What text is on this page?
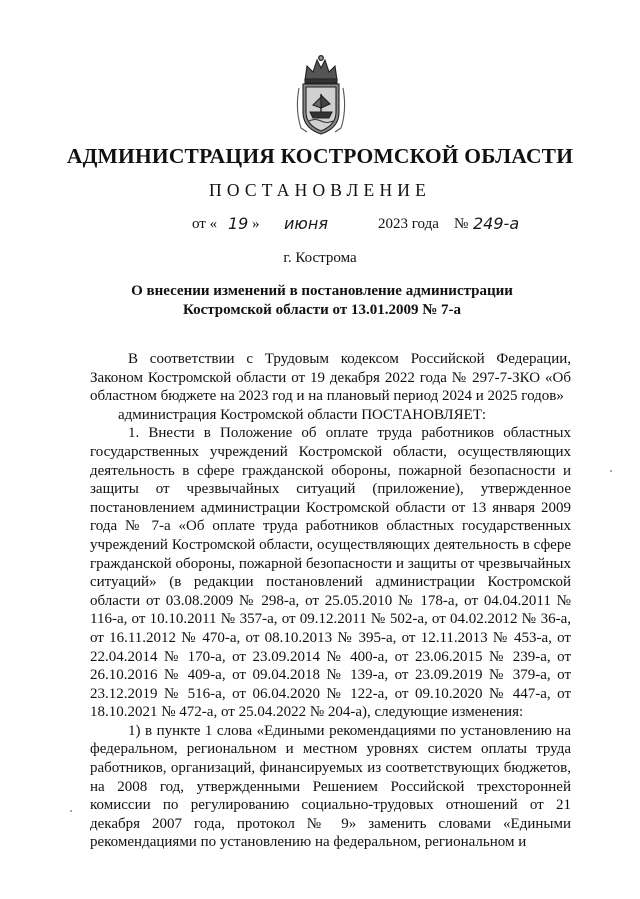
АДМИНИСТРАЦИЯ КОСТРОМСКОЙ ОБЛАСТИ
ПОСТАНОВЛЕНИЕ
от « 19 » июня	2023 года № 249-а
г. Кострома
О внесении изменений в постановление администрации Костромской области от 13.01.2009 № 7-а

В соответствии с Трудовым кодексом Российской Федерации, Законом Костромской области от 19 декабря 2022 года № 297-7-ЗКО «Об областном бюджете на 2023 год и на плановый период 2024 и 2025 годов»

администрация Костромской области ПОСТАНОВЛЯЕТ:

1. Внести в Положение об оплате труда работников областных государственных учреждений Костромской области, осуществляющих деятельность в сфере гражданской обороны, пожарной безопасности и защиты от чрезвычайных ситуаций (приложение), утвержденное постановлением администрации Костромской области от 13 января 2009 года № 7-а «Об оплате труда работников областных государственных учреждений Костромской области, осуществляющих деятельность в сфере гражданской обороны, пожарной безопасности и защиты от чрезвычайных ситуаций» (в редакции постановлений администрации Костромской области от 03.08.2009 № 298-а, от 25.05.2010 № 178-а, от 04.04.2011 № 116-а, от 10.10.2011 № 357-а, от 09.12.2011 № 502-а, от 04.02.2012 № 36-а, от 16.11.2012 № 470-а, от 08.10.2013 № 395-а, от 12.11.2013 № 453-а, от 22.04.2014 № 170-а, от 23.09.2014 № 400-а, от 23.06.2015 № 239-а, от 26.10.2016 № 409-а, от 09.04.2018 № 139-а, от 23.09.2019 № 379-а, от 23.12.2019 № 516-а, от 06.04.2020 № 122-а, от 09.10.2020 № 447-а, от 18.10.2021 № 472-а, от 25.04.2022 № 204-а), следующие изменения:

1) в пункте 1 слова «Едиными рекомендациями по установлению на федеральном, региональном и местном уровнях систем оплаты труда работников, организаций, финансируемых из соответствующих бюджетов, на 2008 год, утвержденными Решением Российской трехсторонней комиссии по регулированию социально-трудовых отношений от 21 декабря 2007 года, протокол № 9» заменить словами «Едиными рекомендациями по установлению на федеральном, региональном и
